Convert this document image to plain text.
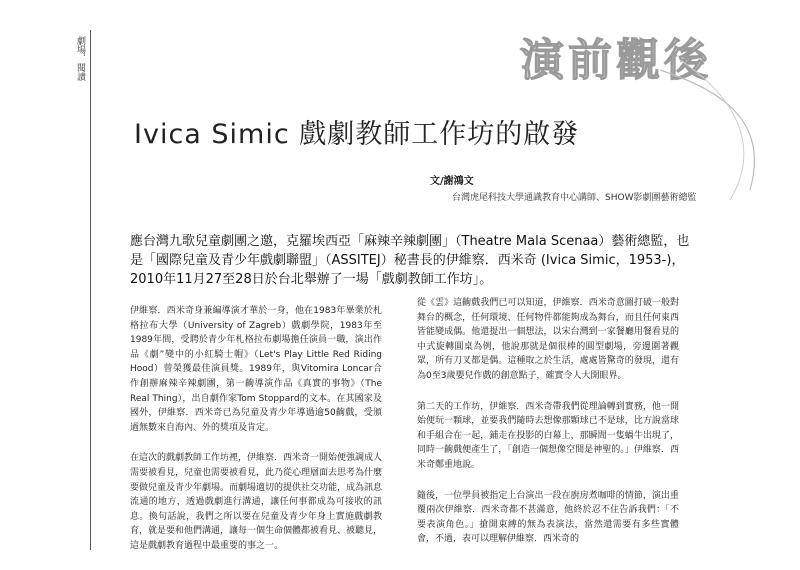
劇場．閱讀	演前觀後
Ivica Simic 戲劇教師工作坊的啟發
文/謝鴻文
台灣虎尾科技大學通識教育中心講師、SHOW影劇團藝術總監
應台灣九歌兒童劇團之邀，克羅埃西亞「麻辣辛辣劇團」（Theatre Mala Scenaa）藝術總監，也是「國際兒童及青少年戲劇聯盟」（ASSITEJ）秘書長的伊維察．西米奇 (Ivica Simic，1953-)，2010年11月27至28日於台北舉辦了一場「戲劇教師工作坊」。

伊維察．西米奇身兼編導演才華於一身，他在1983年畢業於札格拉布大學（University of Zagreb）戲劇學院，1983年至1989年間，受聘於青少年札格拉布劇場擔任演員一職，演出作品《劇”變中的小紅騎士帽》（Let's Play Little Red Riding Hood）曾榮獲最佳演員獎。1989年，與Vitomira Loncar合作創辦麻辣辛辣劇團，第一齣導演作品《真實的事物》（The Real Thing），出自劇作家Tom Stoppard的文本。在其國家及國外，伊維察．西米奇已為兒童及青少年導過逾50齣戲，受頒過無數來自海內、外的獎項及肯定。

在這次的戲劇教師工作坊裡，伊維察．西米奇一開始便強調成人需要被看見，兒童也需要被看見，此乃從心理層面去思考為什麼要做兒童及青少年劇場。而劇場適切的提供社交功能，成為訊息流通的地方，透過戲劇進行溝通，讓任何事都成為可接收的訊息。換句話說，我們之所以要在兒童及青少年身上實施戲劇教育，就是要和他們溝通，讓每一個生命個體都被看見、被聽見，這是戲劇教育過程中最重要的事之一。

從《雲》這齣戲我們已可以知道，伊維察．西米奇意圖打破一般對舞台的概念，任何環境、任何物件都能夠成為舞台，而且任何東西皆能變成偶。他還提出一個想法，以宋台灣到一家餐廳用餐看見的中式旋轉圓桌為例，他說那就是個很棒的圓型劇場，旁邊圍著觀眾，所有刀叉都是偶。這種取之於生活，處處皆驚奇的發現，還有為0至3歲嬰兒作戲的創意點子，確實令人大開眼界。

第二天的工作坊，伊維察．西米奇帶我們從理論轉到實務，他一開始便玩一顆球，並要我們隨時去想像那顆球已不是球，比方說當球和手組合在一起，鋪走在投影的白幕上，那瞬間一隻蝸牛出現了，同時一齣戲便產生了，「創造一個想像空間是神聖的。」伊維察．西米奇鄭重地說。

隨後，一位學員被指定上台演出一段在廚房煮咖啡的情節，演出重覆兩次伊維察．西米奇都不甚滿意，他終於忍不住告訴我們：「不要表演角色。」搶開束縛的無為表演法，當然還需要有多些實體會，不過，表可以理解伊維察．西米奇的
